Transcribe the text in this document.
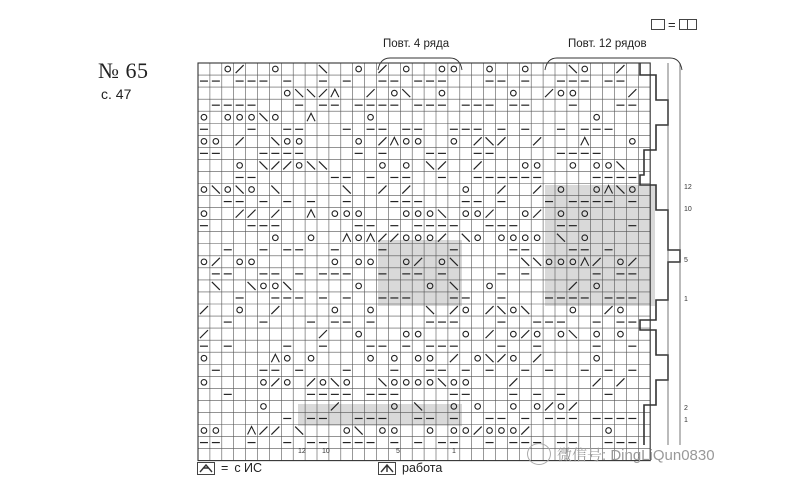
№ 65
с. 47
=
Повт. 4 ряда	Повт. 12 рядов
12
10
5
1
2
1
12 10	5	1
= с ИС	работа
微信号: DingLiQun0830
